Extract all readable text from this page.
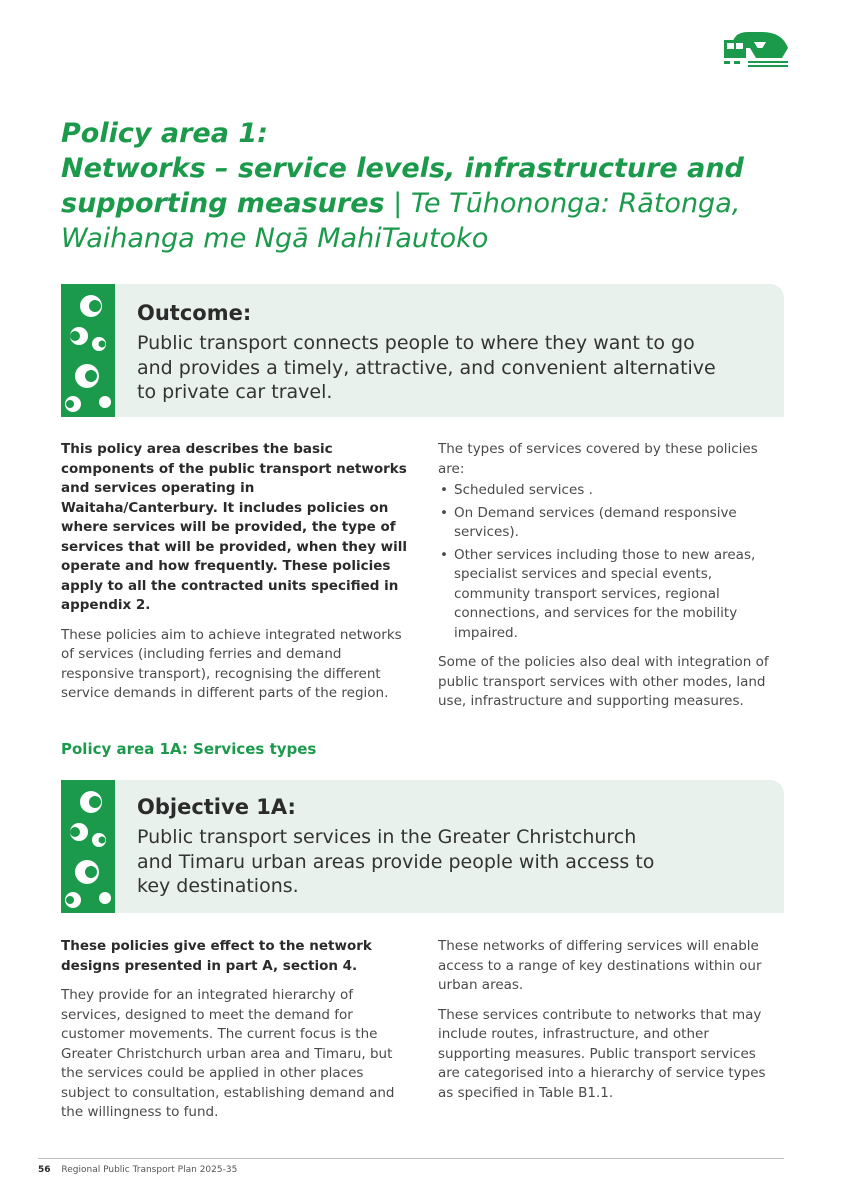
Policy area 1:
Networks – service levels, infrastructure and
supporting measures | Te Tūhononga: Rātonga,
Waihanga me Ngā MahiTautoko
Outcome:

Public transport connects people to where they want to go
and provides a timely, attractive, and convenient alternative
to private car travel.

This policy area describes the basic components of the public transport networks and services operating in Waitaha/Canterbury. It includes policies on where services will be provided, the type of services that will be provided, when they will operate and how frequently. These policies apply to all the contracted units specified in appendix 2.

These policies aim to achieve integrated networks of services (including ferries and demand responsive transport), recognising the different service demands in different parts of the region.

The types of services covered by these policies are:

• Scheduled services .
• On Demand services (demand responsive services).
• Other services including those to new areas, specialist services and special events, community transport services, regional connections, and services for the mobility impaired.

Some of the policies also deal with integration of public transport services with other modes, land use, infrastructure and supporting measures.

Policy area 1A: Services types
Objective 1A:

Public transport services in the Greater Christchurch
and Timaru urban areas provide people with access to
key destinations.

These policies give effect to the network designs presented in part A, section 4.

They provide for an integrated hierarchy of services, designed to meet the demand for customer movements. The current focus is the Greater Christchurch urban area and Timaru, but the services could be applied in other places subject to consultation, establishing demand and the willingness to fund.

These networks of differing services will enable access to a range of key destinations within our urban areas.

These services contribute to networks that may include routes, infrastructure, and other supporting measures. Public transport services are categorised into a hierarchy of service types as specified in Table B1.1.

56 Regional Public Transport Plan 2025-35
